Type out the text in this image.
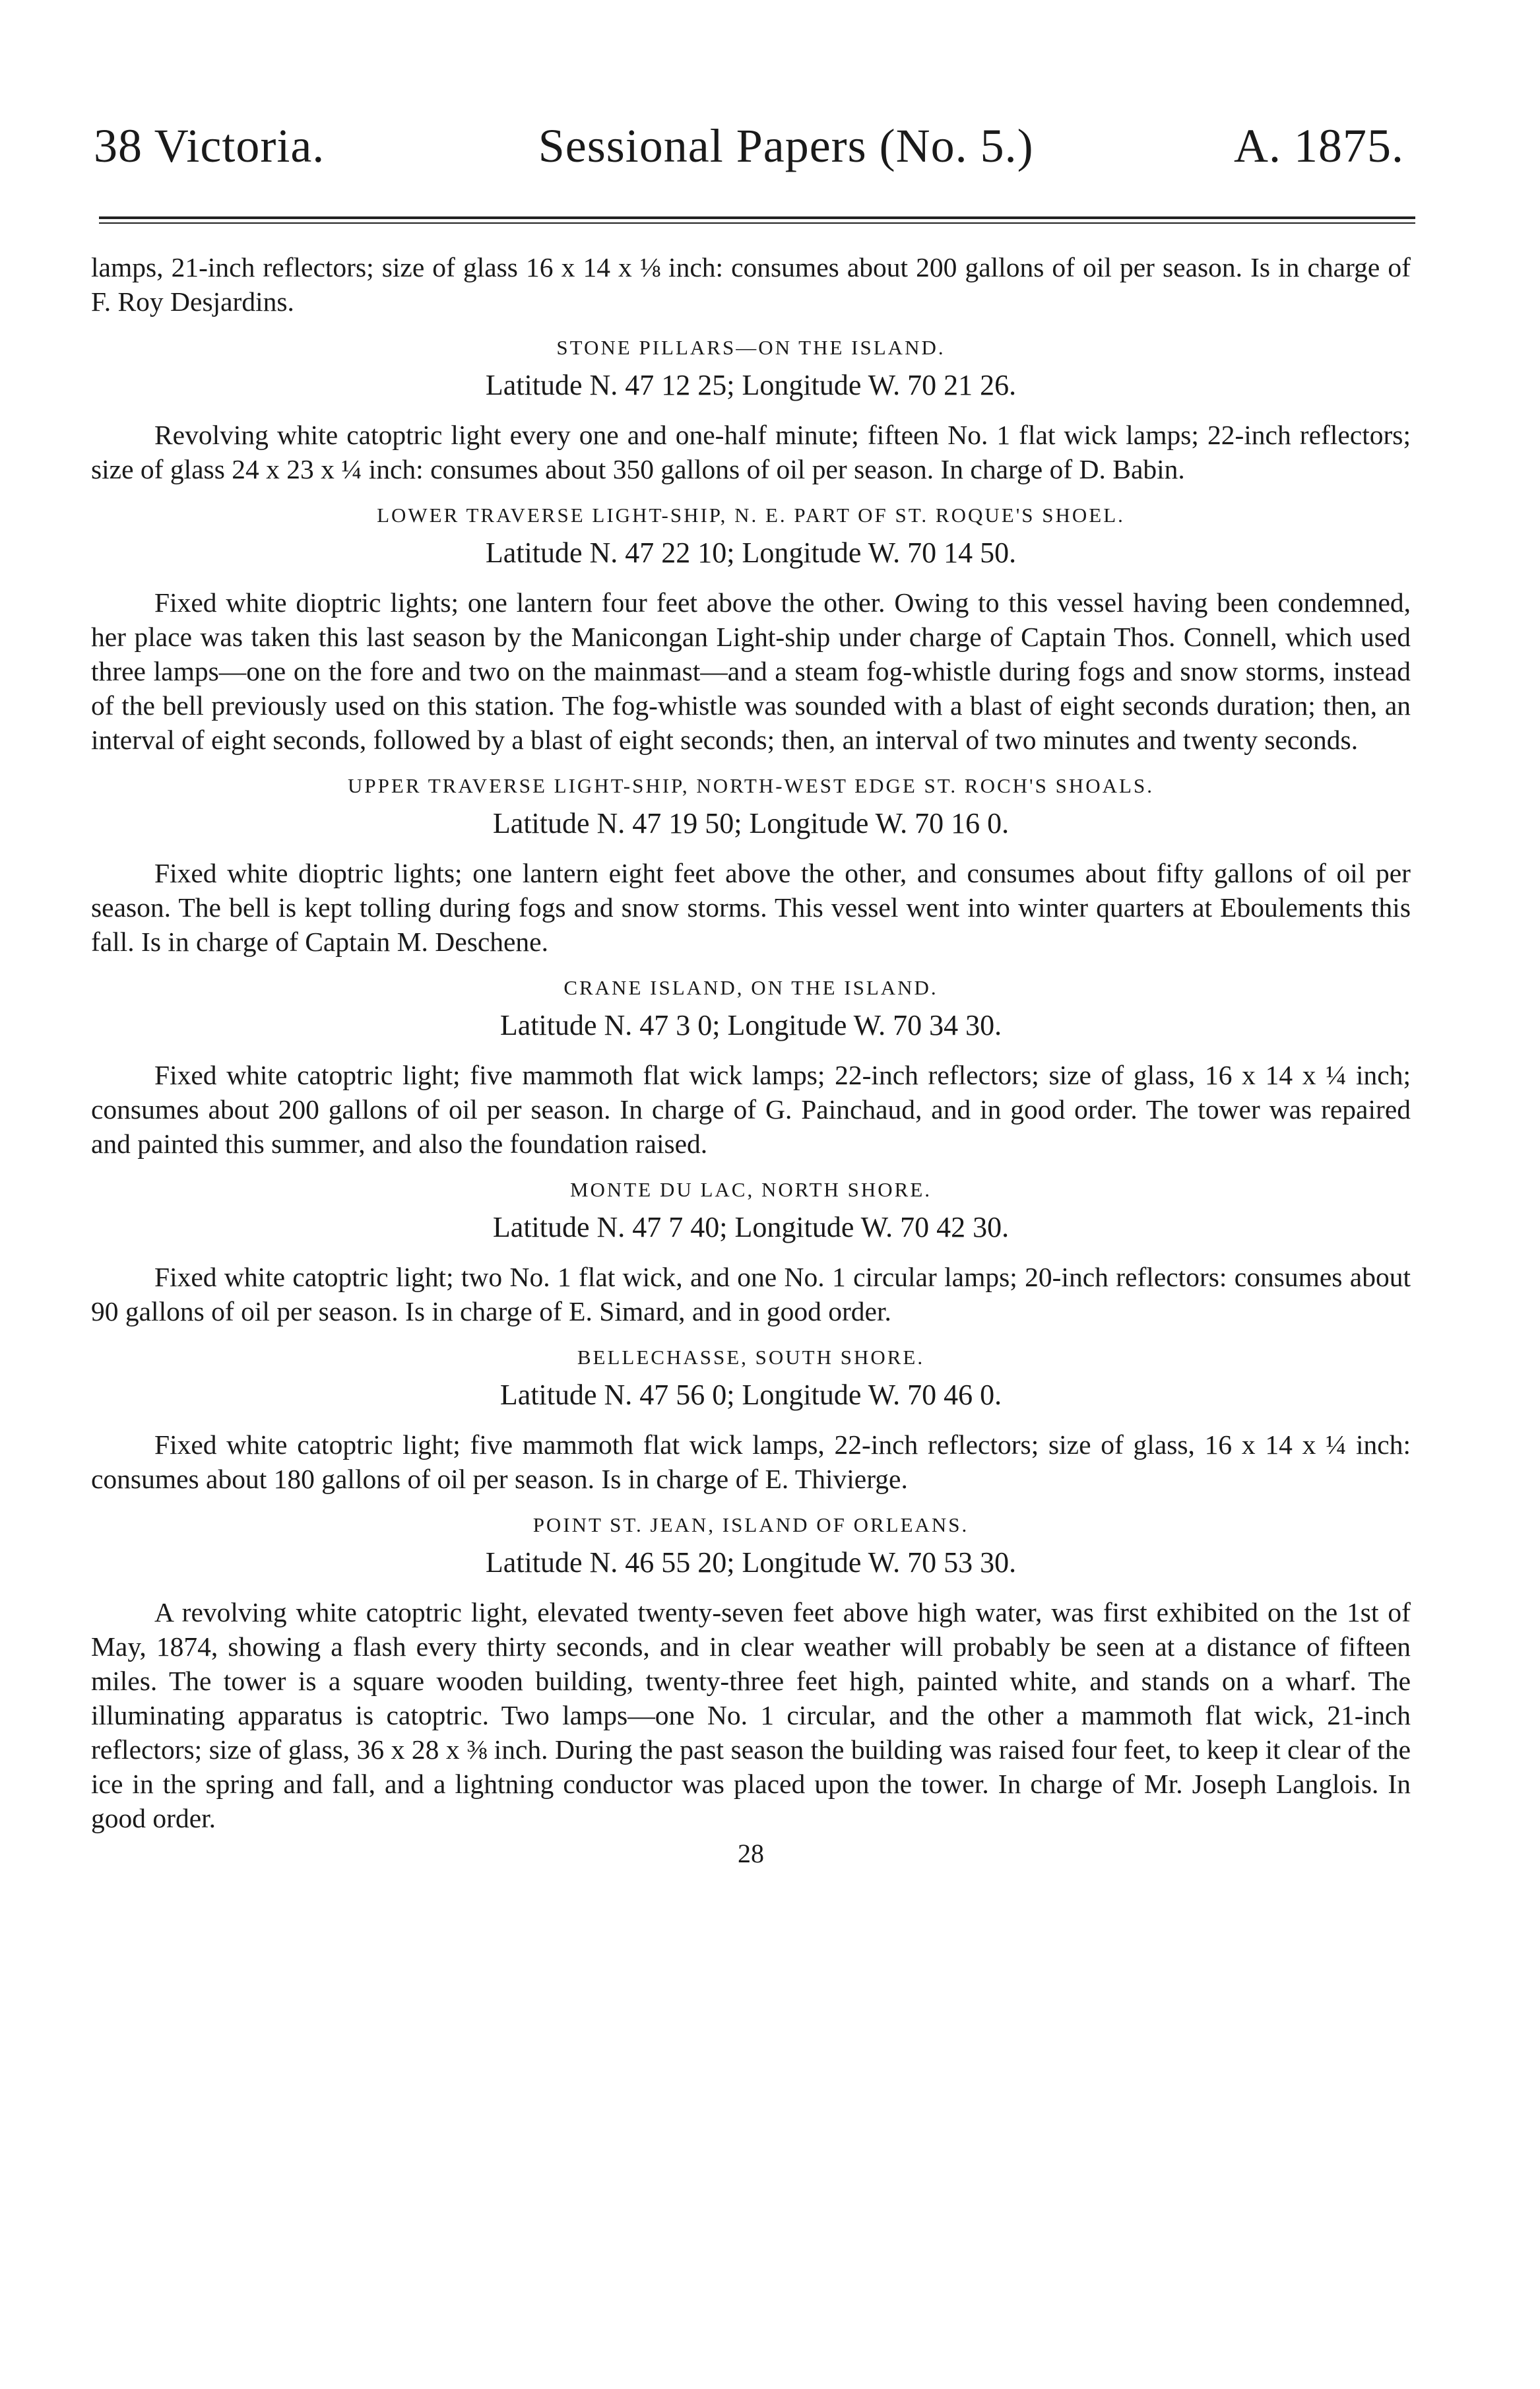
38 Victoria.	Sessional Papers (No. 5.)	A. 1875.

lamps, 21-inch reflectors; size of glass 16 x 14 x ⅛ inch: consumes about 200 gallons of oil per season. Is in charge of F. Roy Desjardins.

STONE PILLARS—ON THE ISLAND.
Latitude N. 47 12 25; Longitude W. 70 21 26.

Revolving white catoptric light every one and one-half minute; fifteen No. 1 flat wick lamps; 22-inch reflectors; size of glass 24 x 23 x ¼ inch: consumes about 350 gallons of oil per season. In charge of D. Babin.

LOWER TRAVERSE LIGHT-SHIP, N. E. PART OF ST. ROQUE'S SHOEL.
Latitude N. 47 22 10; Longitude W. 70 14 50.

Fixed white dioptric lights; one lantern four feet above the other. Owing to this vessel having been condemned, her place was taken this last season by the Manicongan Light-ship under charge of Captain Thos. Connell, which used three lamps—one on the fore and two on the mainmast—and a steam fog-whistle during fogs and snow storms, instead of the bell previously used on this station. The fog-whistle was sounded with a blast of eight seconds duration; then, an interval of eight seconds, followed by a blast of eight seconds; then, an interval of two minutes and twenty seconds.

UPPER TRAVERSE LIGHT-SHIP, NORTH-WEST EDGE ST. ROCH'S SHOALS.
Latitude N. 47 19 50; Longitude W. 70 16 0.

Fixed white dioptric lights; one lantern eight feet above the other, and consumes about fifty gallons of oil per season. The bell is kept tolling during fogs and snow storms. This vessel went into winter quarters at Eboulements this fall. Is in charge of Captain M. Deschene.

CRANE ISLAND, ON THE ISLAND.
Latitude N. 47 3 0; Longitude W. 70 34 30.

Fixed white catoptric light; five mammoth flat wick lamps; 22-inch reflectors; size of glass, 16 x 14 x ¼ inch; consumes about 200 gallons of oil per season. In charge of G. Painchaud, and in good order. The tower was repaired and painted this summer, and also the foundation raised.

MONTE DU LAC, NORTH SHORE.
Latitude N. 47 7 40; Longitude W. 70 42 30.

Fixed white catoptric light; two No. 1 flat wick, and one No. 1 circular lamps; 20-inch reflectors: consumes about 90 gallons of oil per season. Is in charge of E. Simard, and in good order.

BELLECHASSE, SOUTH SHORE.
Latitude N. 47 56 0; Longitude W. 70 46 0.

Fixed white catoptric light; five mammoth flat wick lamps, 22-inch reflectors; size of glass, 16 x 14 x ¼ inch: consumes about 180 gallons of oil per season. Is in charge of E. Thivierge.

POINT ST. JEAN, ISLAND OF ORLEANS.
Latitude N. 46 55 20; Longitude W. 70 53 30.

A revolving white catoptric light, elevated twenty-seven feet above high water, was first exhibited on the 1st of May, 1874, showing a flash every thirty seconds, and in clear weather will probably be seen at a distance of fifteen miles. The tower is a square wooden building, twenty-three feet high, painted white, and stands on a wharf. The illuminating apparatus is catoptric. Two lamps—one No. 1 circular, and the other a mammoth flat wick, 21-inch reflectors; size of glass, 36 x 28 x ⅜ inch. During the past season the building was raised four feet, to keep it clear of the ice in the spring and fall, and a lightning conductor was placed upon the tower. In charge of Mr. Joseph Langlois. In good order.

28
